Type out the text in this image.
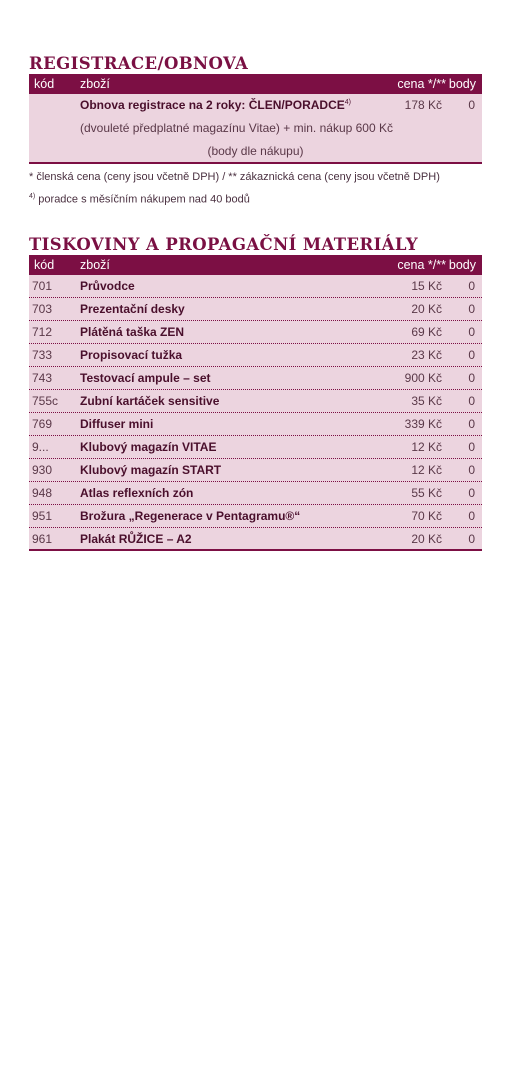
REGISTRACE/OBNOVA
kód zboží	cena */** body
Obnova registrace na 2 roky: ČLEN/PORADCE$^{4)}$	178 Kč 0
(dvouleté předplatné magazínu Vitae) + min. nákup 600 Kč
(body dle nákupu)

* členská cena (ceny jsou včetně DPH) / ** zákaznická cena (ceny jsou včetně DPH)

$^{4)}$ poradce s měsíčním nákupem nad 40 bodů

TISKOVINY A PROPAGAČNÍ MATERIÁLY
kód zboží	cena */** body
701 Průvodce	15 Kč 0
703 Prezentační desky	20 Kč 0
712 Plátěná taška ZEN	69 Kč 0
733 Propisovací tužka	23 Kč 0
743 Testovací ampule – set	900 Kč 0
755c Zubní kartáček sensitive	35 Kč 0
769 Diffuser mini	339 Kč 0
9...	Klubový magazín VITAE	12 Kč 0
930 Klubový magazín START	12 Kč 0
948 Atlas reflexních zón	55 Kč 0
951 Brožura „Regenerace v Pentagramu®“	70 Kč 0
961 Plakát RŮŽICE – A2	20 Kč 0
